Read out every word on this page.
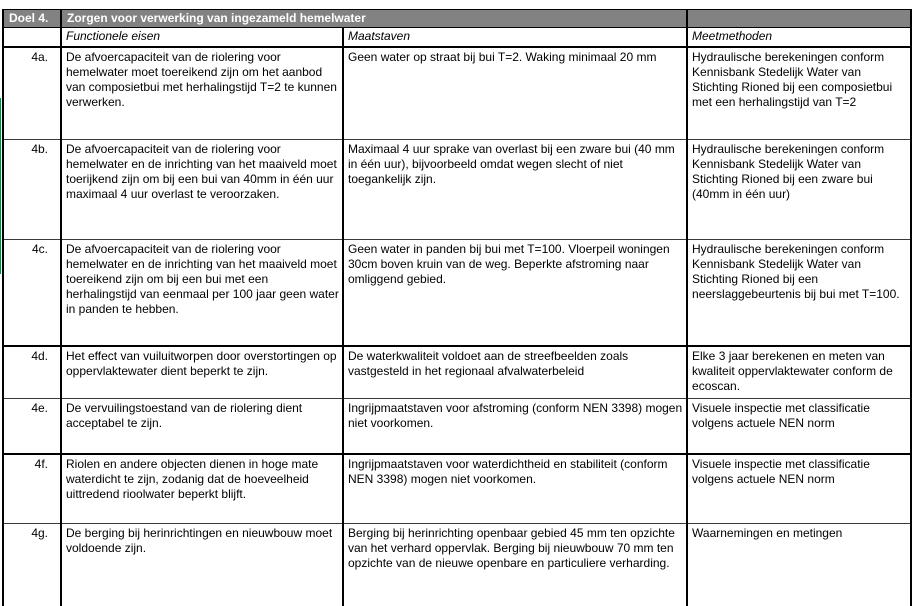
Doel 4.	Zorgen voor verwerking van ingezameld hemelwater		
	Functionele eisen	Maatstaven	Meetmethoden
4a.	De afvoercapaciteit van de riolering voor hemelwater moet toereikend zijn om het aanbod van composietbui met herhalingstijd T=2 te kunnen verwerken.	Geen water op straat bij bui T=2. Waking minimaal 20 mm	Hydraulische berekeningen conform Kennisbank Stedelijk Water van Stichting Rioned bij een composietbui met een herhalingstijd van T=2
4b.	De afvoercapaciteit van de riolering voor hemelwater en de inrichting van het maaiveld moet toerijkend zijn om bij een bui van 40mm in één uur maximaal 4 uur overlast te veroorzaken.	Maximaal 4 uur sprake van overlast bij een zware bui (40 mm in één uur), bijvoorbeeld omdat wegen slecht of niet toegankelijk zijn.	Hydraulische berekeningen conform Kennisbank Stedelijk Water van Stichting Rioned bij een zware bui (40mm in één uur)
4c.	De afvoercapaciteit van de riolering voor hemelwater en de inrichting van het maaiveld moet toereikend zijn om bij een bui met een herhalingstijd van eenmaal per 100 jaar geen water in panden te hebben.	Geen water in panden bij bui met T=100. Vloerpeil woningen 30cm boven kruin van de weg. Beperkte afstroming naar omliggend gebied.	Hydraulische berekeningen conform Kennisbank Stedelijk Water van Stichting Rioned bij een neerslaggebeurtenis bij bui met T=100.
4d.	Het effect van vuiluitworpen door overstortingen op oppervlaktewater dient beperkt te zijn.	De waterkwaliteit voldoet aan de streefbeelden zoals vastgesteld in het regionaal afvalwaterbeleid	Elke 3 jaar berekenen en meten van kwaliteit oppervlaktewater conform de ecoscan.
4e.	De vervuilingstoestand van de riolering dient acceptabel te zijn.	Ingrijpmaatstaven voor afstroming (conform NEN 3398) mogen niet voorkomen.	Visuele inspectie met classificatie volgens actuele NEN norm
4f.	Riolen en andere objecten dienen in hoge mate waterdicht te zijn, zodanig dat de hoeveelheid uittredend rioolwater beperkt blijft.	Ingrijpmaatstaven voor waterdichtheid en stabiliteit (conform NEN 3398) mogen niet voorkomen.	Visuele inspectie met classificatie volgens actuele NEN norm
4g.	De berging bij herinrichtingen en nieuwbouw moet voldoende zijn.	Berging bij herinrichting openbaar gebied 45 mm ten opzichte van het verhard oppervlak. Berging bij nieuwbouw 70 mm ten opzichte van de nieuwe openbare en particuliere verharding.	Waarnemingen en metingen
